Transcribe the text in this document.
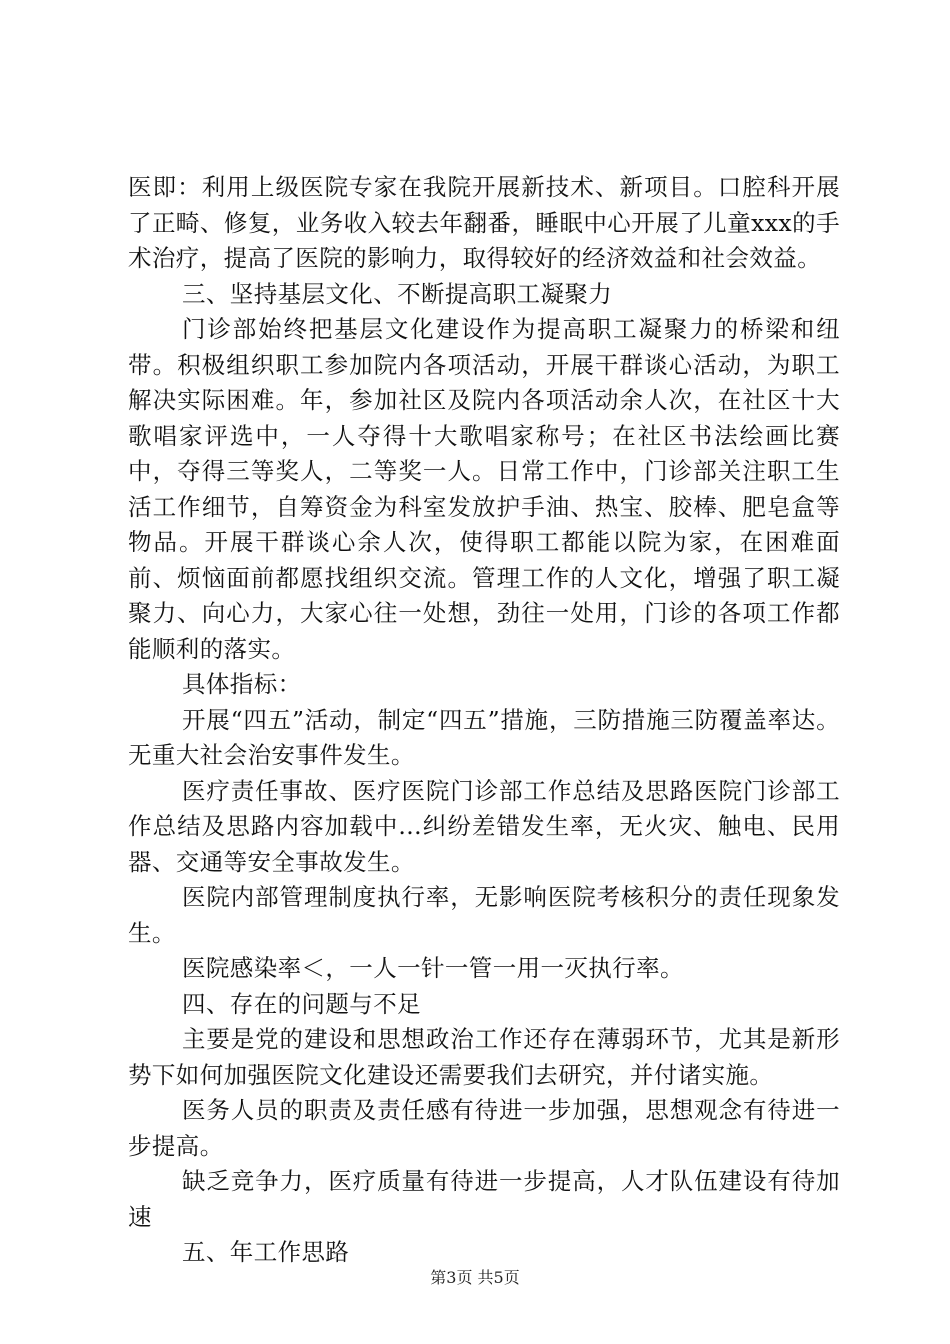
医即：利用上级医院专家在我院开展新技术、新项目。口腔科开展了正畸、修复，业务收入较去年翻番，睡眠中心开展了儿童xxx的手术治疗，提高了医院的影响力，取得较好的经济效益和社会效益。

三、坚持基层文化、不断提高职工凝聚力

门诊部始终把基层文化建设作为提高职工凝聚力的桥梁和纽带。积极组织职工参加院内各项活动，开展干群谈心活动，为职工解决实际困难。年，参加社区及院内各项活动余人次，在社区十大歌唱家评选中，一人夺得十大歌唱家称号；在社区书法绘画比赛中，夺得三等奖人，二等奖一人。日常工作中，门诊部关注职工生活工作细节，自筹资金为科室发放护手油、热宝、胶棒、肥皂盒等物品。开展干群谈心余人次，使得职工都能以院为家，在困难面前、烦恼面前都愿找组织交流。管理工作的人文化，增强了职工凝聚力、向心力，大家心往一处想，劲往一处用，门诊的各项工作都能顺利的落实。

具体指标：

开展“四五”活动，制定“四五”措施，三防措施三防覆盖率达。无重大社会治安事件发生。

医疗责任事故、医疗医院门诊部工作总结及思路医院门诊部工作总结及思路内容加载中...纠纷差错发生率，无火灾、触电、民用器、交通等安全事故发生。

医院内部管理制度执行率，无影响医院考核积分的责任现象发生。

医院感染率＜，一人一针一管一用一灭执行率。

四、存在的问题与不足

主要是党的建设和思想政治工作还存在薄弱环节，尤其是新形势下如何加强医院文化建设还需要我们去研究，并付诸实施。

医务人员的职责及责任感有待进一步加强，思想观念有待进一步提高。

缺乏竞争力，医疗质量有待进一步提高，人才队伍建设有待加速

五、年工作思路

第3页 共5页
